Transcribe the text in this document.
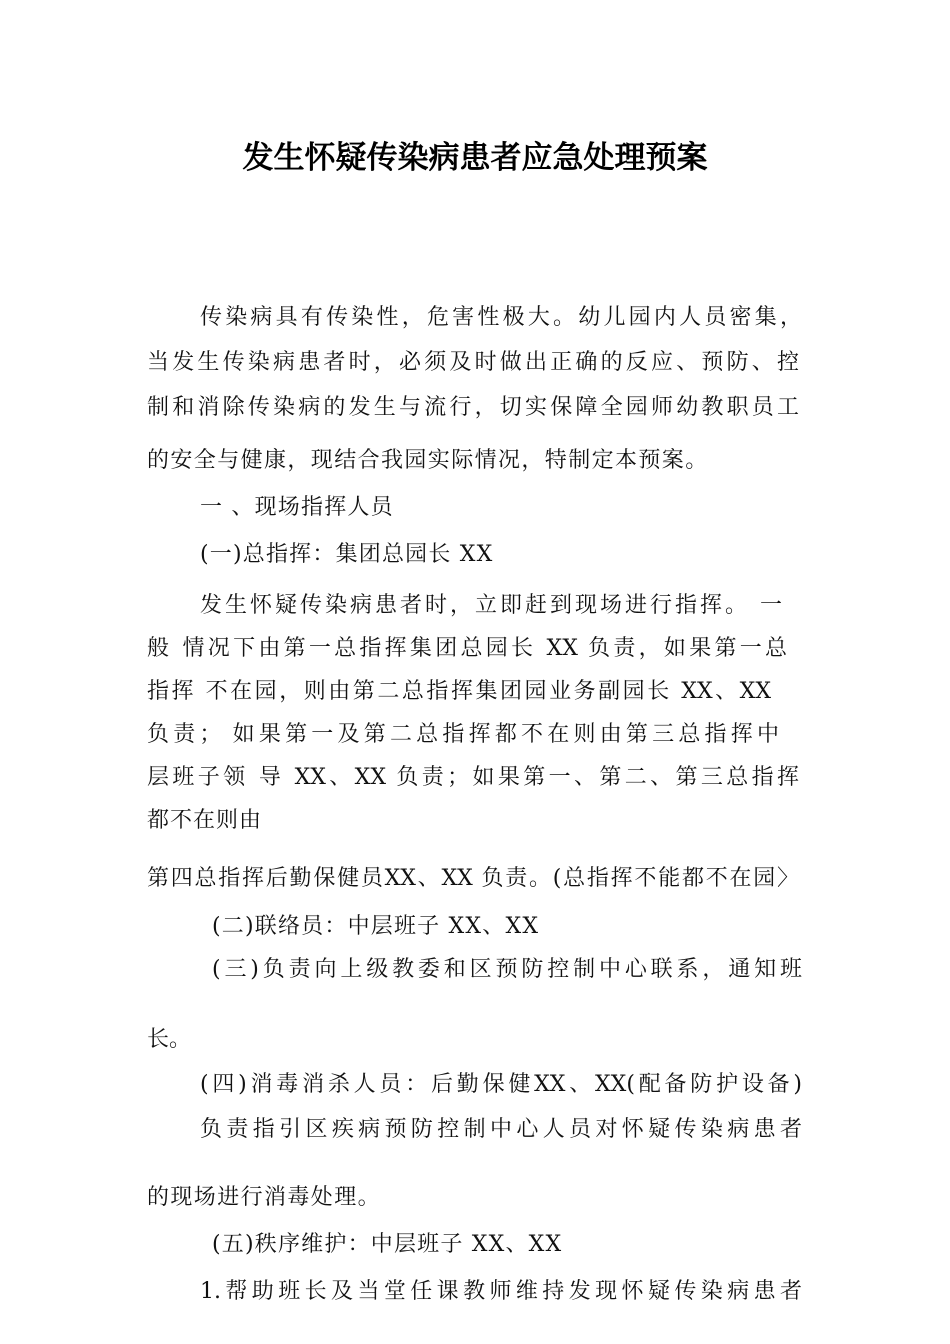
发生怀疑传染病患者应急处理预案
传染病具有传染性，危害性极大。幼儿园内人员密集，
当发生传染病患者时，必须及时做出正确的反应、预防、控
制和消除传染病的发生与流行，切实保障全园师幼教职员工
的安全与健康，现结合我园实际情况，特制定本预案。
一 、现场指挥人员
(一)总指挥：集团总园长 XX
发生怀疑传染病患者时，立即赶到现场进行指挥。 一
般 情况下由第一总指挥集团总园长 XX 负责，如果第一总
指挥 不在园，则由第二总指挥集团园业务副园长 XX、XX
负责； 如果第一及第二总指挥都不在则由第三总指挥中
层班子领 导 XX、XX 负责；如果第一、第二、第三总指挥
都不在则由
第四总指挥后勤保健员XX、XX 负责。(总指挥不能都不在园〉
(二)联络员：中层班子 XX、XX
(三)负责向上级教委和区预防控制中心联系，通知班
长。
(四)消毒消杀人员：后勤保健XX、XX(配备防护设备)
负责指引区疾病预防控制中心人员对怀疑传染病患者
的现场进行消毒处理。
(五)秩序维护：中层班子 XX、XX
1.帮助班长及当堂任课教师维持发现怀疑传染病患者
